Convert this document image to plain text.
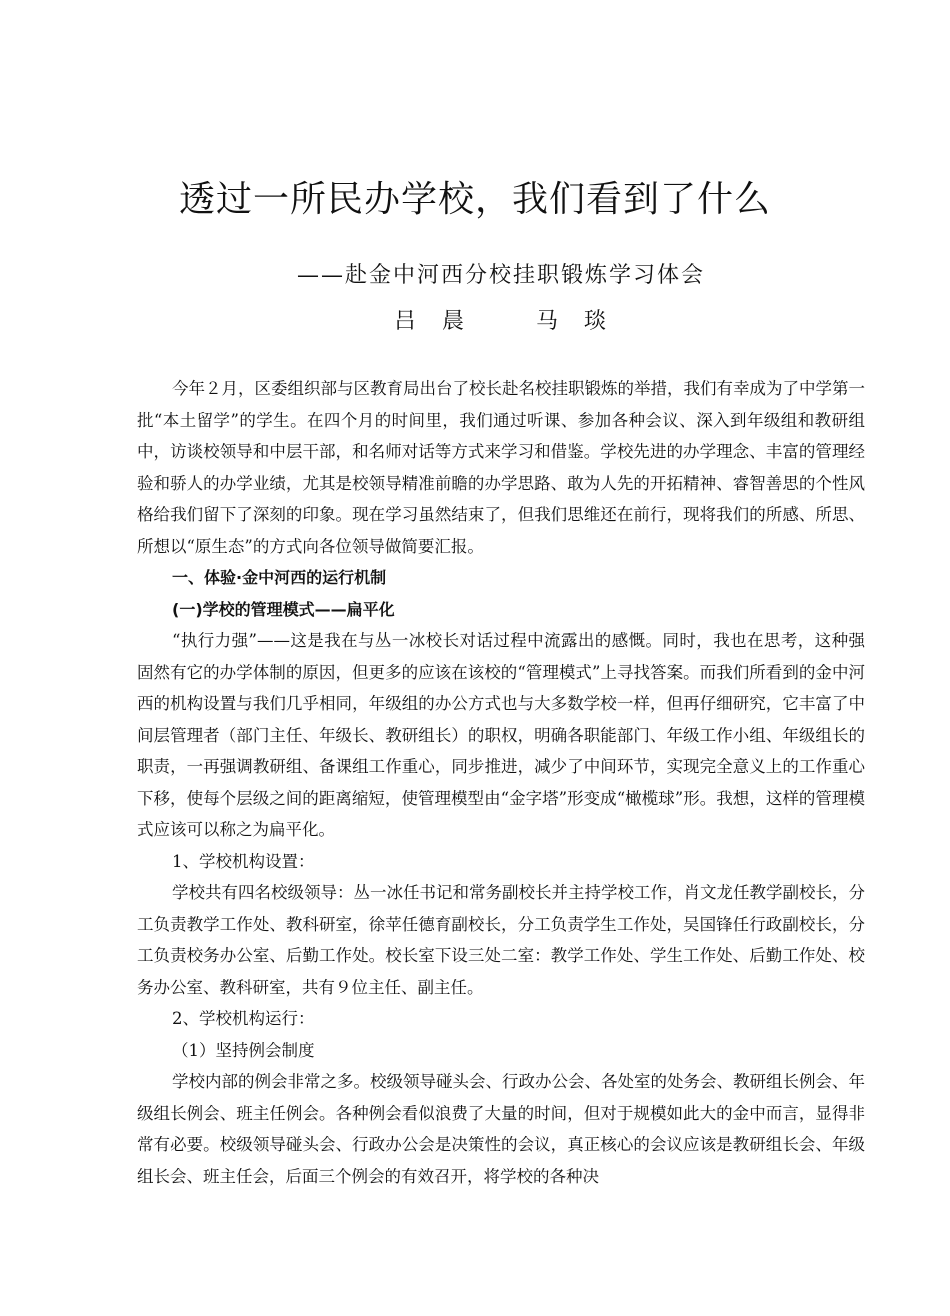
透过一所民办学校，我们看到了什么
——赴金中河西分校挂职锻炼学习体会
吕 晨	马 琰

今年２月，区委组织部与区教育局出台了校长赴名校挂职锻炼的举措，我们有幸成为了中学第一批“本土留学”的学生。在四个月的时间里，我们通过听课、参加各种会议、深入到年级组和教研组中，访谈校领导和中层干部，和名师对话等方式来学习和借鉴。学校先进的办学理念、丰富的管理经验和骄人的办学业绩，尤其是校领导精准前瞻的办学思路、敢为人先的开拓精神、睿智善思的个性风格给我们留下了深刻的印象。现在学习虽然结束了，但我们思维还在前行，现将我们的所感、所思、所想以“原生态”的方式向各位领导做简要汇报。

一、体验·金中河西的运行机制

(一)学校的管理模式——扁平化

“执行力强”——这是我在与丛一冰校长对话过程中流露出的感慨。同时，我也在思考，这种强固然有它的办学体制的原因，但更多的应该在该校的“管理模式”上寻找答案。而我们所看到的金中河西的机构设置与我们几乎相同，年级组的办公方式也与大多数学校一样，但再仔细研究，它丰富了中间层管理者（部门主任、年级长、教研组长）的职权，明确各职能部门、年级工作小组、年级组长的职责，一再强调教研组、备课组工作重心，同步推进，减少了中间环节，实现完全意义上的工作重心下移，使每个层级之间的距离缩短，使管理模型由“金字塔”形变成“橄榄球”形。我想，这样的管理模式应该可以称之为扁平化。

1、学校机构设置：

学校共有四名校级领导：丛一冰任书记和常务副校长并主持学校工作，肖文龙任教学副校长，分工负责教学工作处、教科研室，徐苹任德育副校长，分工负责学生工作处，吴国锋任行政副校长，分工负责校务办公室、后勤工作处。校长室下设三处二室：教学工作处、学生工作处、后勤工作处、校务办公室、教科研室，共有９位主任、副主任。

2、学校机构运行：

（1）坚持例会制度

学校内部的例会非常之多。校级领导碰头会、行政办公会、各处室的处务会、教研组长例会、年级组长例会、班主任例会。各种例会看似浪费了大量的时间，但对于规模如此大的金中而言，显得非常有必要。校级领导碰头会、行政办公会是决策性的会议，真正核心的会议应该是教研组长会、年级组长会、班主任会，后面三个例会的有效召开，将学校的各种决
